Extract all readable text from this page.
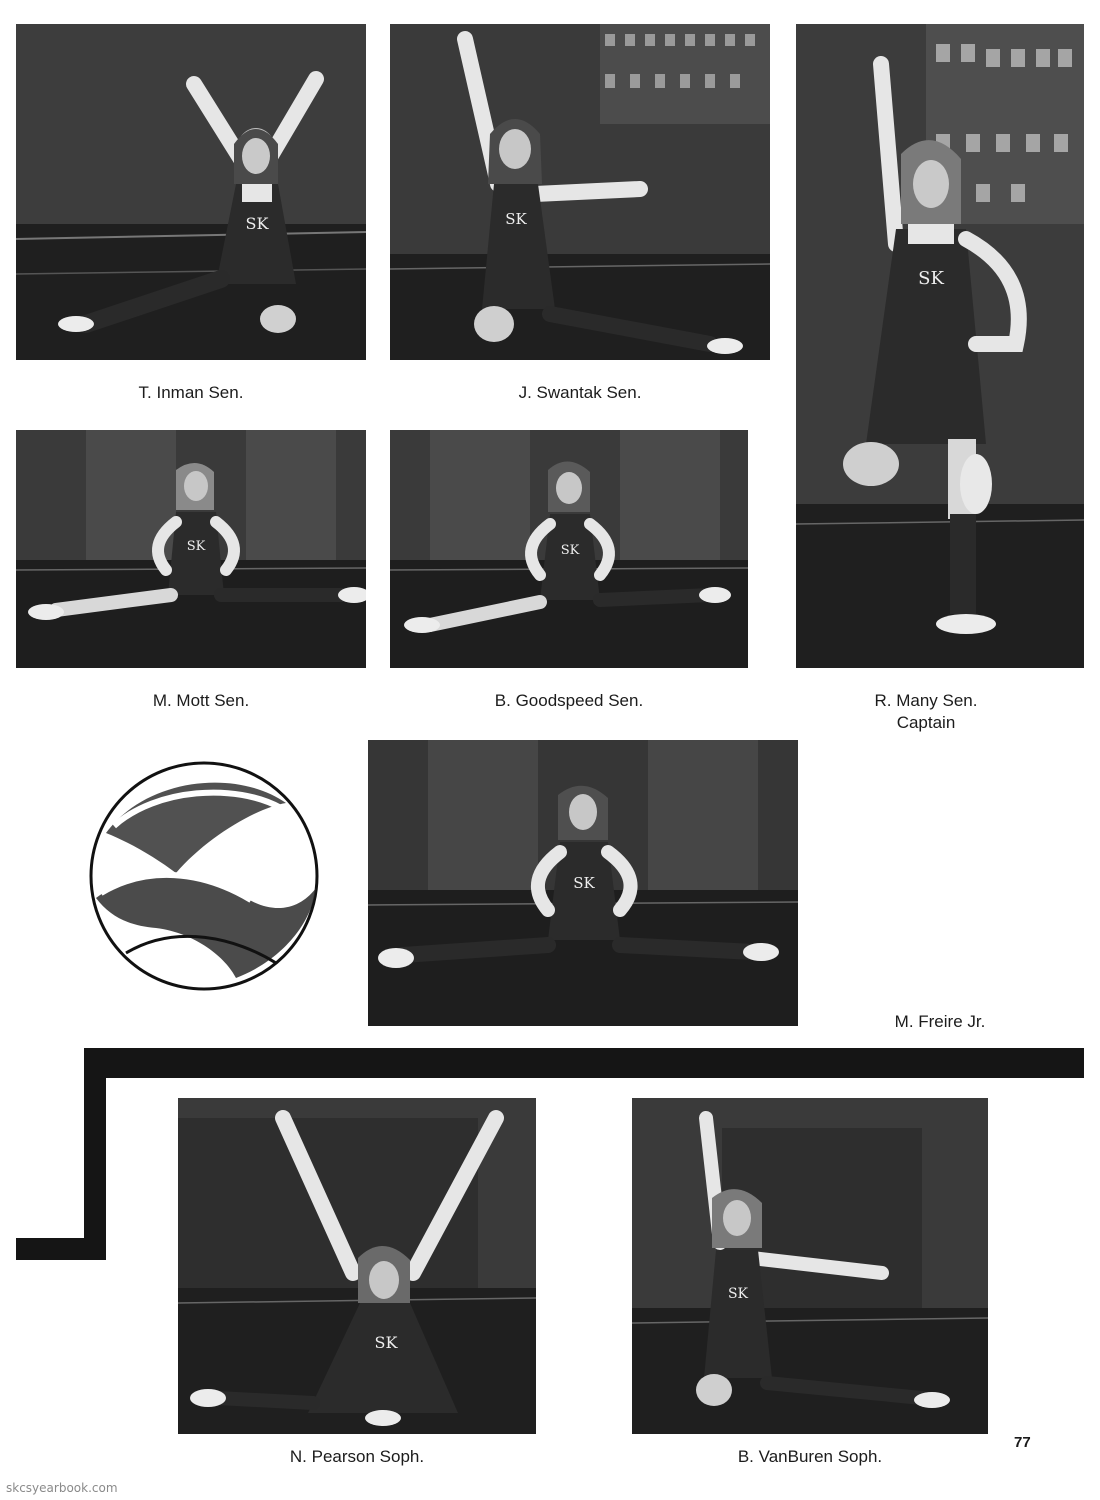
SK	SK
SK
SK	SK
SK
SK
SK
T. Inman Sen.	J. Swantak Sen.
R. Many Sen.
Captain
M. Mott Sen.	B. Goodspeed Sen.
M. Freire Jr.
N. Pearson Soph.	B. VanBuren Soph.
77
skcsyearbook.com
